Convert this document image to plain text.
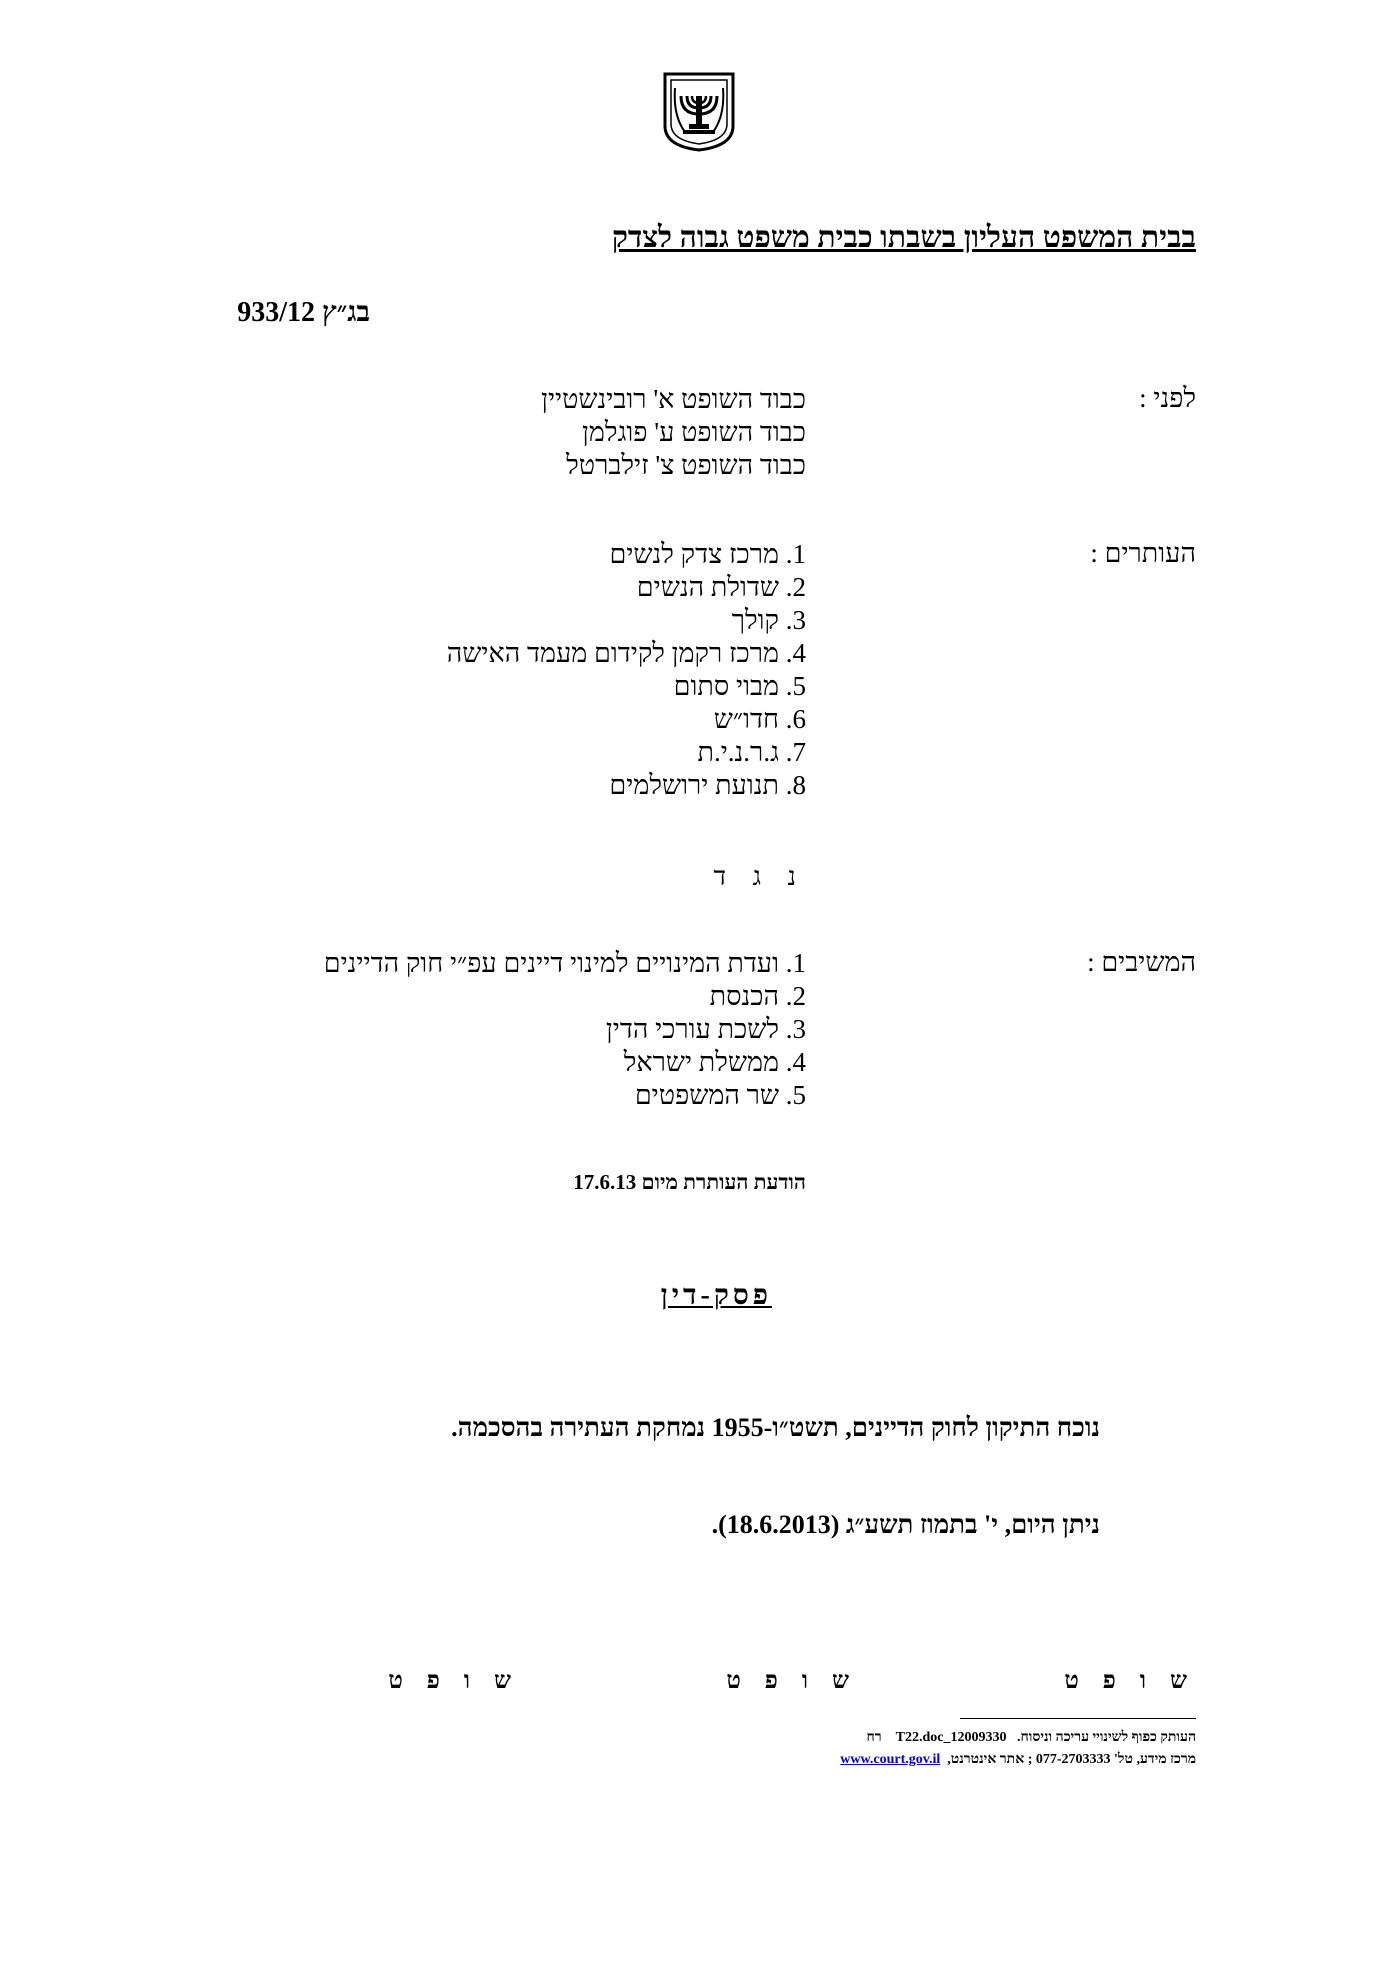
בבית המשפט העליון בשבתו כבית משפט גבוה לצדק
בג״ץ 933/12
לפני :
כבוד השופט א' רובינשטיין
כבוד השופט ע' פוגלמן
כבוד השופט צ' זילברטל
העותרים :
1. מרכז צדק לנשים
2. שדולת הנשים
3. קולך
4. מרכז רקמן לקידום מעמד האישה
5. מבוי סתום
6. חדו״ש
7. ג.ר.נ.י.ת
8. תנועת ירושלמים
נ ג ד
המשיבים :
1. ועדת המינויים למינוי דיינים עפ״י חוק הדיינים
2. הכנסת
3. לשכת עורכי הדין
4. ממשלת ישראל
5. שר המשפטים
הודעת העותרת מיום 17.6.13
פסק-דין
נוכח התיקון לחוק הדיינים, תשט״ו-1955 נמחקת העתירה בהסכמה.
ניתן היום, י' בתמוז תשע״ג (18.6.2013).
ש ו פ ט
ש ו פ ט
ש ו פ ט
העותק כפוף לשינויי עריכה וניסוח.   12009330_T22.doc    רח
מרכז מידע, טל' 077-2703333 ; אתר אינטרנט,  www.court.gov.il
